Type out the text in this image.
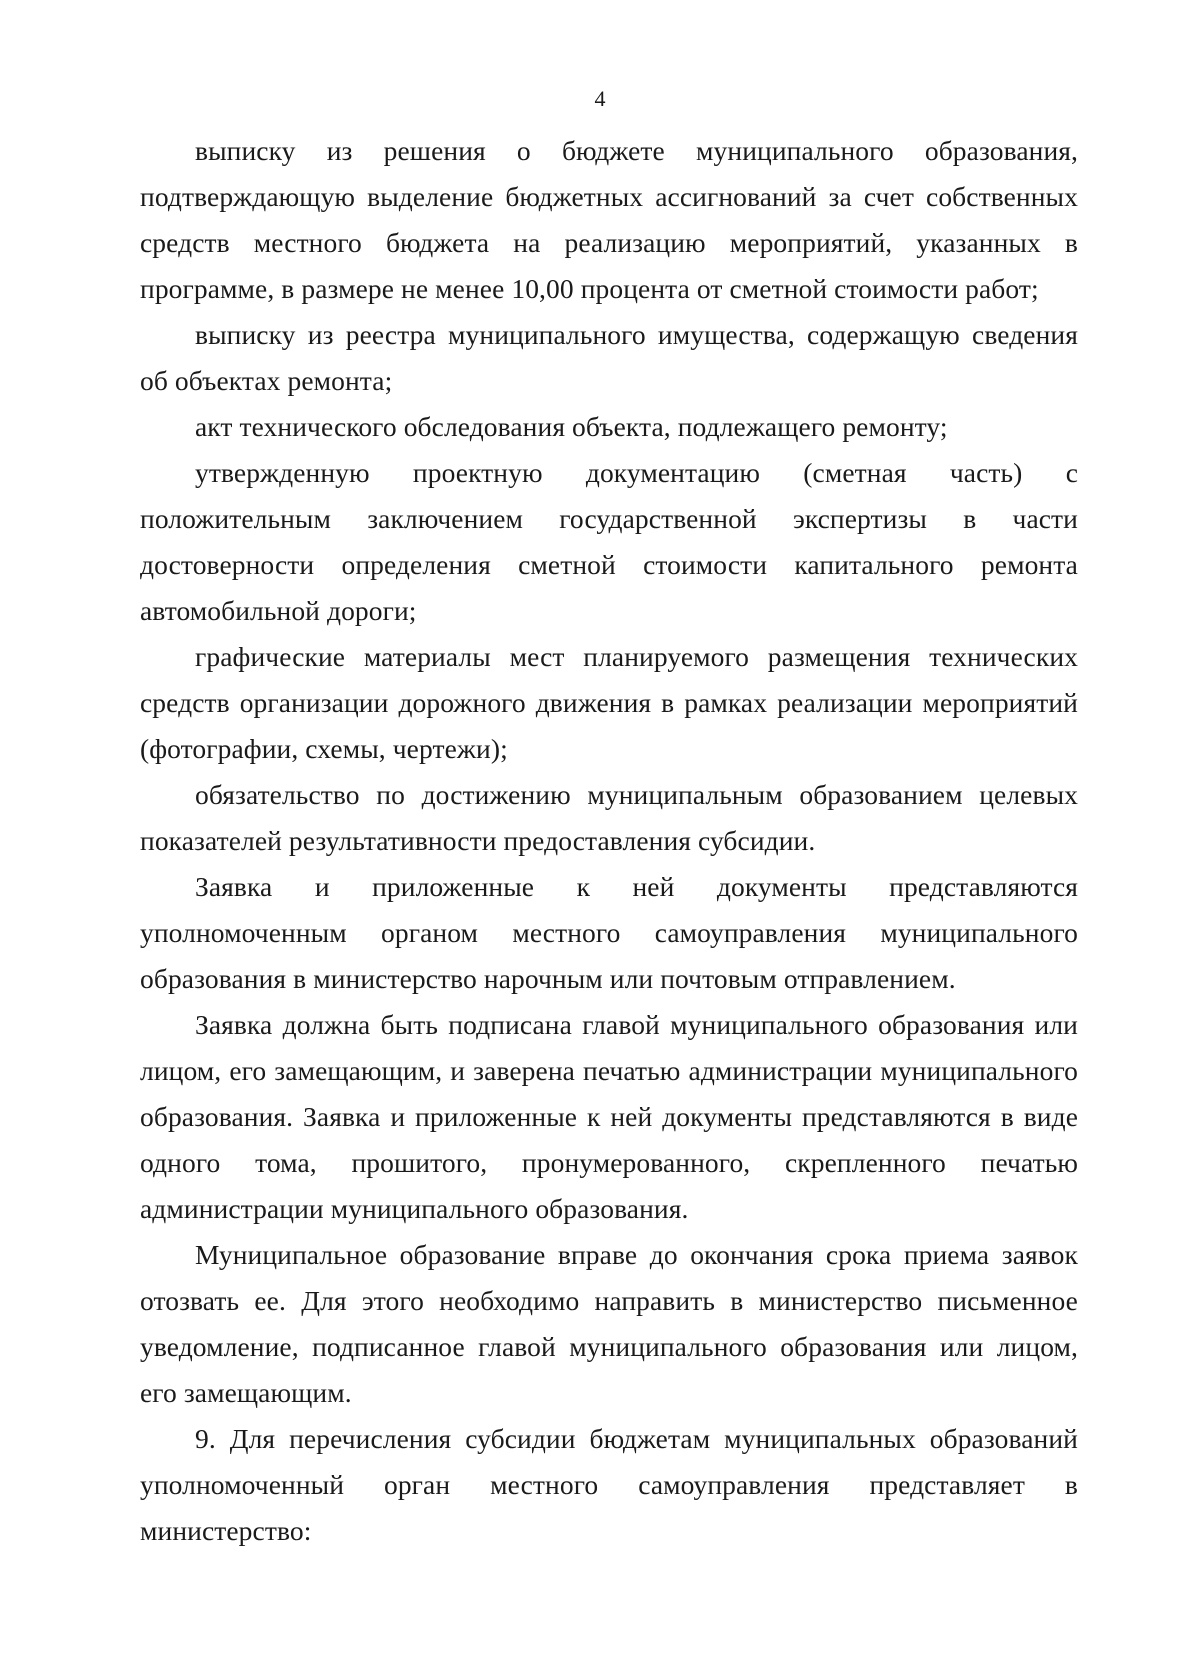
4

выписку из решения о бюджете муниципального образования, подтверждающую выделение бюджетных ассигнований за счет собственных средств местного бюджета на реализацию мероприятий, указанных в программе, в размере не менее 10,00 процента от сметной стоимости работ;

выписку из реестра муниципального имущества, содержащую сведения об объектах ремонта;

акт технического обследования объекта, подлежащего ремонту;

утвержденную проектную документацию (сметная часть) с положительным заключением государственной экспертизы в части достоверности определения сметной стоимости капитального ремонта автомобильной дороги;

графические материалы мест планируемого размещения технических средств организации дорожного движения в рамках реализации мероприятий (фотографии, схемы, чертежи);

обязательство по достижению муниципальным образованием целевых показателей результативности предоставления субсидии.

Заявка и приложенные к ней документы представляются уполномоченным органом местного самоуправления муниципального образования в министерство нарочным или почтовым отправлением.

Заявка должна быть подписана главой муниципального образования или лицом, его замещающим, и заверена печатью администрации муниципального образования. Заявка и приложенные к ней документы представляются в виде одного тома, прошитого, пронумерованного, скрепленного печатью администрации муниципального образования.

Муниципальное образование вправе до окончания срока приема заявок отозвать ее. Для этого необходимо направить в министерство письменное уведомление, подписанное главой муниципального образования или лицом, его замещающим.

9. Для перечисления субсидии бюджетам муниципальных образований уполномоченный орган местного самоуправления представляет в министерство:
